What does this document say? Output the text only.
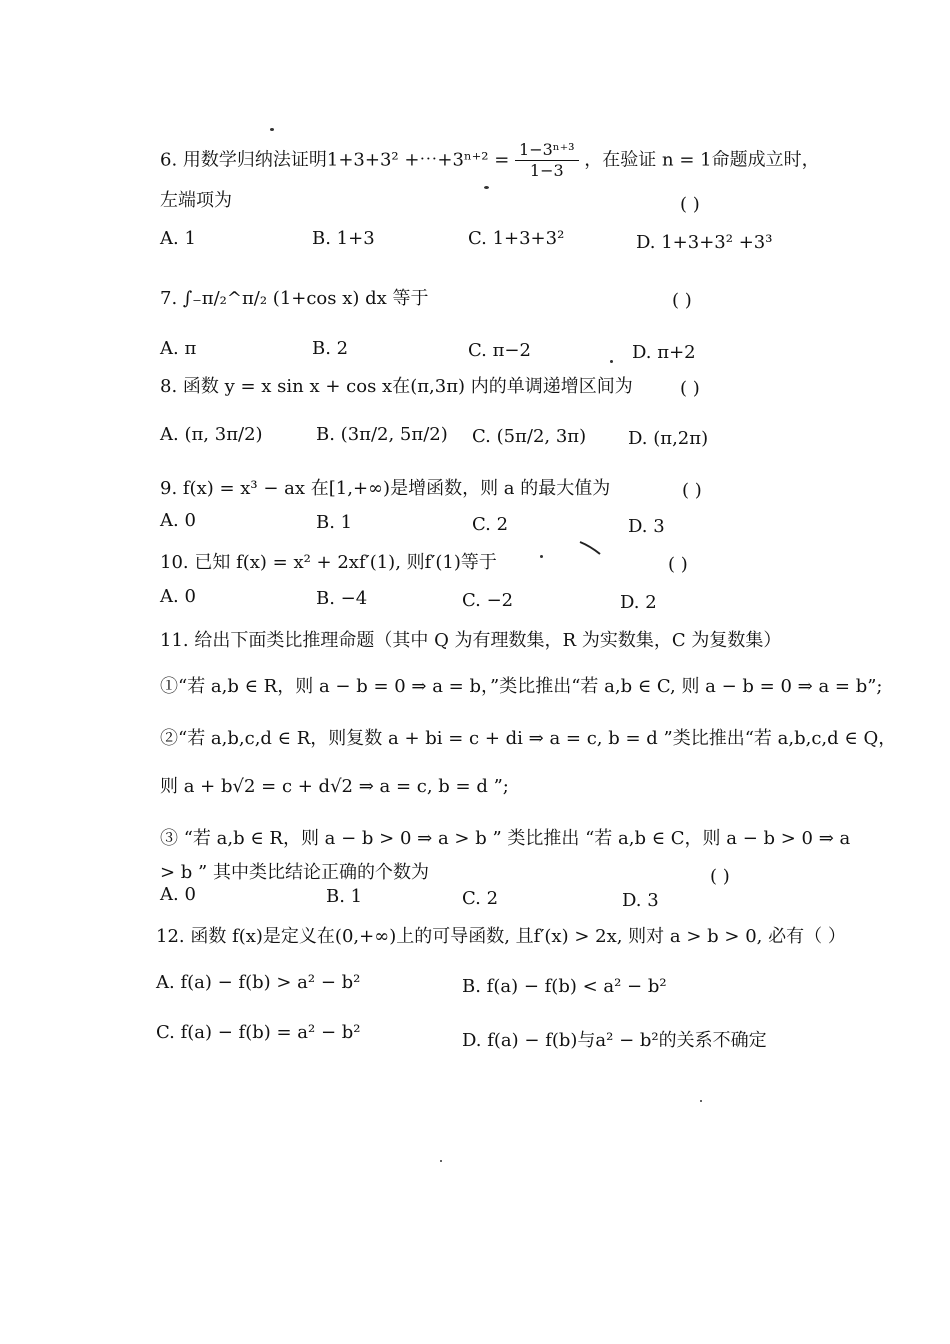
6. 用数学归纳法证明1+3+3² +⋯+3ⁿ⁺² = $\frac{\text{1−3ⁿ⁺³}}{1-3}$ ，在验证 n = 1命题成立时，
左端项为	( )
A. 1	B. 1+3	C. 1+3+3²	D. 1+3+3² +3³
7. ∫₋π/₂^π/₂ (1+cos x) dx 等于	( )
A. π	B. 2	C. π−2	D. π+2
8. 函数 y = x sin x + cos x在(π,3π) 内的单调递增区间为	( )
A. (π, 3π/2)	B. (3π/2, 5π/2) C. (5π/2, 3π) D. (π,2π)
9. f(x) = x³ − ax 在[1,+∞)是增函数，则 a 的最大值为	( )
A. 0	B. 1	C. 2	D. 3
10. 已知 f(x) = x² + 2xf′(1), 则f′(1)等于	( )
A. 0	B. −4	C. −2	D. 2
11. 给出下面类比推理命题（其中 Q 为有理数集，R 为实数集，C 为复数集）
①“若 a,b ∈ R，则 a − b = 0 ⇒ a = b，”类比推出“若 a,b ∈ C, 则 a − b = 0 ⇒ a = b”;
②“若 a,b,c,d ∈ R，则复数 a + bi = c + di ⇒ a = c, b = d ”类比推出“若 a,b,c,d ∈ Q，
则 a + b√2 = c + d√2 ⇒ a = c, b = d ”;
③ “若 a,b ∈ R，则 a − b > 0 ⇒ a > b ” 类比推出 “若 a,b ∈ C，则 a − b > 0 ⇒ a
> b ” 其中类比结论正确的个数为	( )
A. 0	B. 1	C. 2	D. 3
12. 函数 f(x)是定义在(0,+∞)上的可导函数, 且f′(x) > 2x, 则对 a > b > 0, 必有（ ）
A. f(a) − f(b) > a² − b²	B. f(a) − f(b) < a² − b²
C. f(a) − f(b) = a² − b²	D. f(a) − f(b)与a² − b²的关系不确定
